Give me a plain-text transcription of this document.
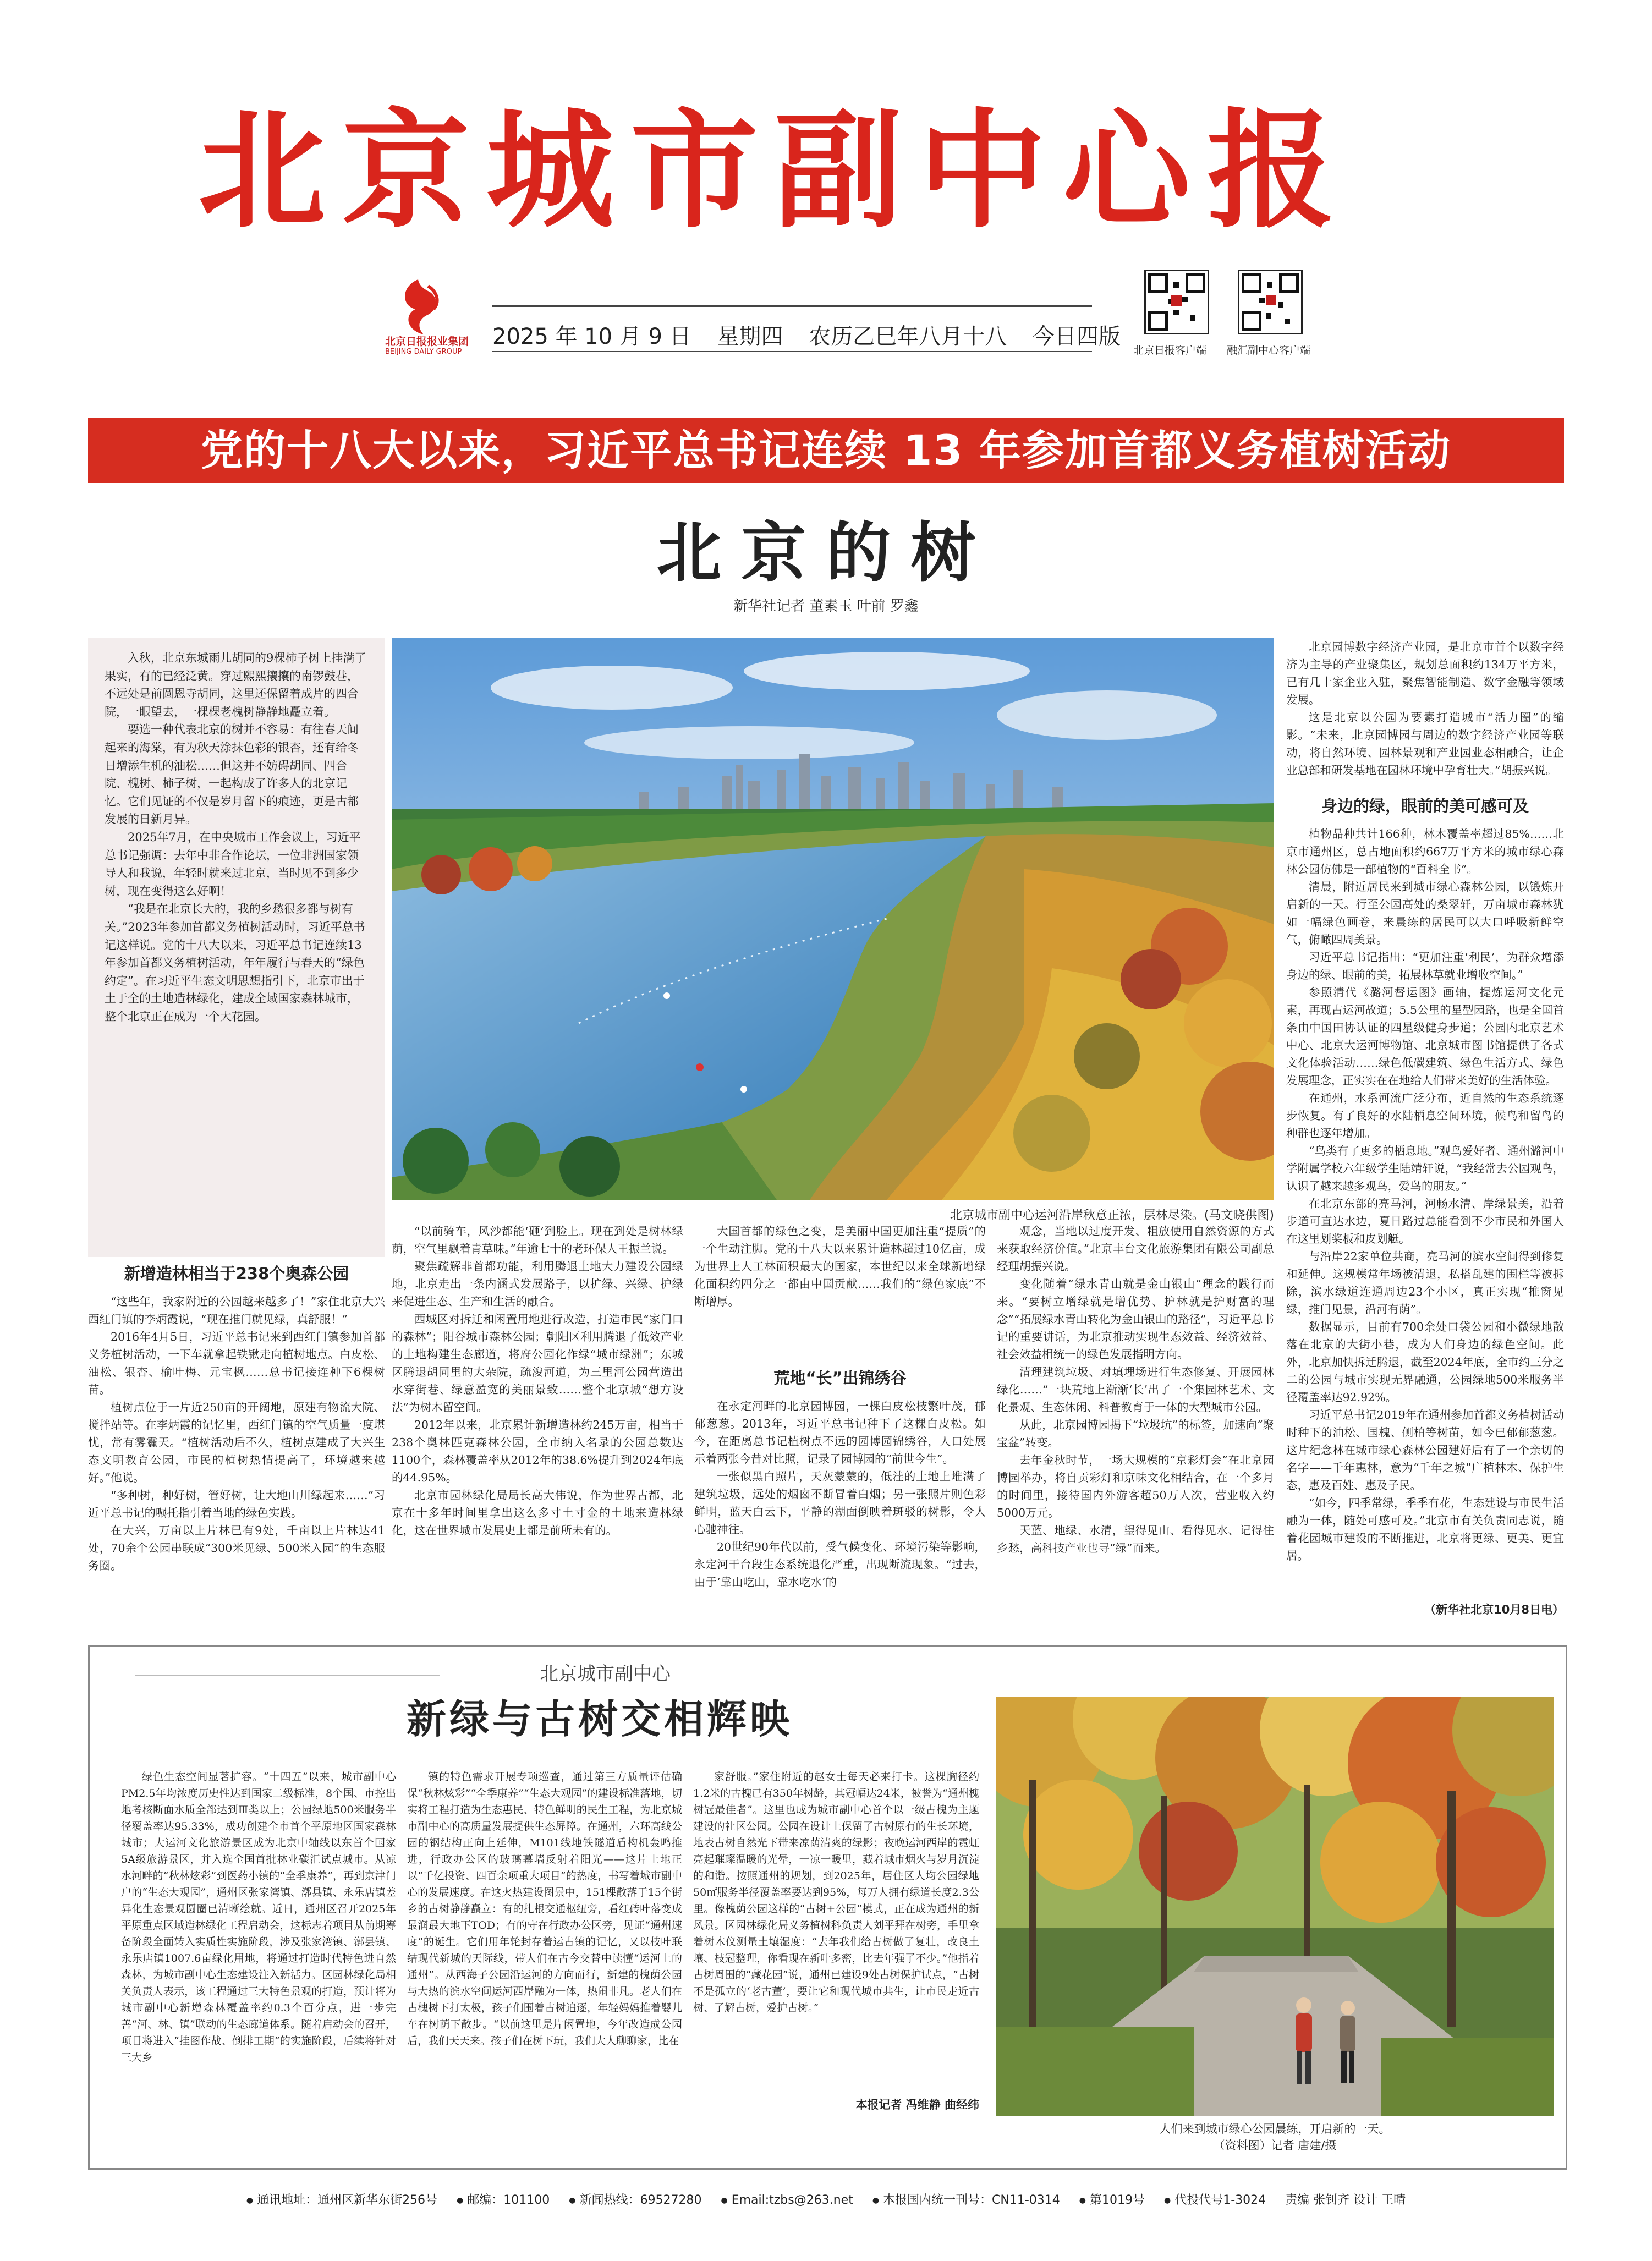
北京城市副中心报
北京日报报业集团
BEIJING DAILY GROUP
2025 年 10 月 9 日 星期四 农历乙巳年八月十八 今日四版
北京日报客户端 融汇副中心客户端
党的十八大以来，习近平总书记连续 13 年参加首都义务植树活动
北京的树
新华社记者 董素玉 叶前 罗鑫

入秋，北京东城雨儿胡同的9棵柿子树上挂满了果实，有的已经泛黄。穿过熙熙攘攘的南锣鼓巷，不远处是前圆恩寺胡同，这里还保留着成片的四合院，一眼望去，一棵棵老槐树静静地矗立着。

要选一种代表北京的树并不容易：有往春天间起来的海棠，有为秋天涂抹色彩的银杏，还有给冬日增添生机的油松……但这并不妨碍胡同、四合院、槐树、柿子树，一起构成了许多人的北京记忆。它们见证的不仅是岁月留下的痕迹，更是古都发展的日新月异。

2025年7月，在中央城市工作会议上，习近平总书记强调：去年中非合作论坛，一位非洲国家领导人和我说，年轻时就来过北京，当时见不到多少树，现在变得这么好啊！

“我是在北京长大的，我的乡愁很多都与树有关。”2023年参加首都义务植树活动时，习近平总书记这样说。党的十八大以来，习近平总书记连续13年参加首都义务植树活动，年年履行与春天的“绿色约定”。在习近平生态文明思想指引下，北京市出于土于全的土地造林绿化，建成全域国家森林城市，整个北京正在成为一个大花园。

北京城市副中心运河沿岸秋意正浓，层林尽染。(马文晓供图)
新增造林相当于238个奥森公园

“这些年，我家附近的公园越来越多了！”家住北京大兴西红门镇的李炳霞说，“现在推门就见绿，真舒服！”

2016年4月5日，习近平总书记来到西红门镇参加首都义务植树活动，一下车就拿起铁锹走向植树地点。白皮松、油松、银杏、榆叶梅、元宝枫……总书记接连种下6棵树苗。

植树点位于一片近250亩的开阔地，原建有物流大院、搅拌站等。在李炳霞的记忆里，西红门镇的空气质量一度堪忧，常有雾霾天。“植树活动后不久，植树点建成了大兴生态文明教育公园，市民的植树热情提高了，环境越来越好。”他说。

“多种树，种好树，管好树，让大地山川绿起来……”习近平总书记的嘱托指引着当地的绿色实践。

在大兴，万亩以上片林已有9处，千亩以上片林达41处，70余个公园串联成“300米见绿、500米入园”的生态服务圈。

“以前骑车，风沙都能‘砸’到脸上。现在到处是树林绿荫，空气里飘着青草味。”年逾七十的老环保人王振兰说。

聚焦疏解非首都功能，利用腾退土地大力建设公园绿地，北京走出一条内涵式发展路子，以扩绿、兴绿、护绿来促进生态、生产和生活的融合。

西城区对拆迁和闲置用地进行改造，打造市民“家门口的森林”；阳谷城市森林公园；朝阳区利用腾退了低效产业的土地构建生态廊道，将府公园化作绿“城市绿洲”；东城区腾退胡同里的大杂院，疏浚河道，为三里河公园营造出水穿街巷、绿意盈宽的美丽景致……整个北京城“想方设法”为树木留空间。

2012年以来，北京累计新增造林约245万亩，相当于238个奥林匹克森林公园，全市纳入名录的公园总数达1100个，森林覆盖率从2012年的38.6%提升到2024年底的44.95%。

北京市园林绿化局局长高大伟说，作为世界古都，北京在十多年时间里拿出这么多寸土寸金的土地来造林绿化，这在世界城市发展史上都是前所未有的。

大国首都的绿色之变，是美丽中国更加注重“提质”的一个生动注脚。党的十八大以来累计造林超过10亿亩，成为世界上人工林面积最大的国家，本世纪以来全球新增绿化面积约四分之一都由中国贡献……我们的“绿色家底”不断增厚。

荒地“长”出锦绣谷

在永定河畔的北京园博园，一棵白皮松枝繁叶茂，郁郁葱葱。2013年，习近平总书记种下了这棵白皮松。如今，在距离总书记植树点不远的园博园锦绣谷，人口处展示着两张今昔对比照，记录了园博园的“前世今生”。

一张似黑白照片，天灰蒙蒙的，低洼的土地上堆满了建筑垃圾，远处的烟囱不断冒着白烟；另一张照片则色彩鲜明，蓝天白云下，平静的湖面倒映着斑驳的树影，令人心驰神往。

20世纪90年代以前，受气候变化、环境污染等影响，永定河干台段生态系统退化严重，出现断流现象。“过去，由于‘靠山吃山，靠水吃水’的

观念，当地以过度开发、粗放使用自然资源的方式来获取经济价值。”北京丰台文化旅游集团有限公司副总经理胡振兴说。

变化随着“绿水青山就是金山银山”理念的践行而来。“要树立增绿就是增优势、护林就是护财富的理念”“拓展绿水青山转化为金山银山的路径”，习近平总书记的重要讲话，为北京推动实现生态效益、经济效益、社会效益相统一的绿色发展指明方向。

清理建筑垃圾、对填埋场进行生态修复、开展园林绿化……“一块荒地上渐渐‘长’出了一个集园林艺术、文化景观、生态休闲、科普教育于一体的大型城市公园。

从此，北京园博园揭下“垃圾坑”的标签，加速向“聚宝盆”转变。

去年金秋时节，一场大规模的“京彩灯会”在北京园博园举办，将自贡彩灯和京味文化相结合，在一个多月的时间里，接待国内外游客超50万人次，营业收入约5000万元。

天蓝、地绿、水清，望得见山、看得见水、记得住乡愁，高科技产业也寻“绿”而来。

北京园博数字经济产业园，是北京市首个以数字经济为主导的产业聚集区，规划总面积约134万平方米，已有几十家企业入驻，聚焦智能制造、数字金融等领域发展。

这是北京以公园为要素打造城市“活力圈”的缩影。“未来，北京园博园与周边的数字经济产业园等联动，将自然环境、园林景观和产业园业态相融合，让企业总部和研发基地在园林环境中孕育壮大。”胡振兴说。

身边的绿，眼前的美可感可及

植物品种共计166种，林木覆盖率超过85%……北京市通州区，总占地面积约667万平方米的城市绿心森林公园仿佛是一部植物的“百科全书”。

清晨，附近居民来到城市绿心森林公园，以锻炼开启新的一天。行至公园高处的桑翠轩，万亩城市森林犹如一幅绿色画卷，来晨练的居民可以大口呼吸新鲜空气，俯瞰四周美景。

习近平总书记指出：“更加注重‘利民’，为群众增添身边的绿、眼前的美，拓展林草就业增收空间。”

参照清代《潞河督运图》画轴，提炼运河文化元素，再现古运河故道；5.5公里的星型园路，也是全国首条由中国田协认证的四星级健身步道；公园内北京艺术中心、北京大运河博物馆、北京城市图书馆提供了各式文化体验活动……绿色低碳建筑、绿色生活方式、绿色发展理念，正实实在在地给人们带来美好的生活体验。

在通州，水系河流广泛分布，近自然的生态系统逐步恢复。有了良好的水陆栖息空间环境，候鸟和留鸟的种群也逐年增加。

“鸟类有了更多的栖息地。”观鸟爱好者、通州潞河中学附属学校六年级学生陆靖轩说，“我经常去公园观鸟，认识了越来越多观鸟，爱鸟的朋友。”

在北京东部的亮马河，河畅水清、岸绿景美，沿着步道可直达水边，夏日路过总能看到不少市民和外国人在这里划桨板和皮划艇。

与沿岸22家单位共商，亮马河的滨水空间得到修复和延伸。这规模常年场被清退，私搭乱建的围栏等被拆除，滨水绿道连通周边23个小区，真正实现“推窗见绿，推门见景，沿河有荫”。

数据显示，目前有700余处口袋公园和小微绿地散落在北京的大街小巷，成为人们身边的绿色空间。此外，北京加快拆迁腾退，截至2024年底，全市约三分之二的公园与城市实现无界融通，公园绿地500米服务半径覆盖率达92.92%。

习近平总书记2019年在通州参加首都义务植树活动时种下的油松、国槐、侧柏等树苗，如今已郁郁葱葱。这片纪念林在城市绿心森林公园建好后有了一个亲切的名字——千年惠林，意为“千年之城”广植林木、保护生态，惠及百姓、惠及子民。

“如今，四季常绿，季季有花，生态建设与市民生活融为一体，随处可感可及。”北京市有关负责同志说，随着花园城市建设的不断推进，北京将更绿、更美、更宜居。

（新华社北京10月8日电）
北京城市副中心
新绿与古树交相辉映

绿色生态空间显著扩容。“十四五”以来，城市副中心PM2.5年均浓度历史性达到国家二级标准，8个国、市控出地考核断面水质全部达到Ⅲ类以上；公园绿地500米服务半径覆盖率达95.33%，成功创建全市首个平原地区国家森林城市；大运河文化旅游景区成为北京中轴线以东首个国家5A级旅游景区，并入选全国首批林业碳汇试点城市。从凉水河畔的“秋林炫彩”到医药小镇的“全季康养”，再到京津门户的“生态大观园”，通州区张家湾镇、漷县镇、永乐店镇差异化生态景观圆圈已清晰绘就。近日，通州区召开2025年平原重点区域造林绿化工程启动会，这标志着项目从前期筹备阶段全面转入实质性实施阶段，涉及张家湾镇、漷县镇、永乐店镇1007.6亩绿化用地，将通过打造时代特色进自然森林，为城市副中心生态建设注入新活力。区园林绿化局相关负责人表示，该工程通过三大特色景观的打造，预计将为城市副中心新增森林覆盖率约0.3个百分点，进一步完善“河、林、镇”联动的生态廊道体系。随着启动会的召开，项目将进入“挂图作战、倒排工期”的实施阶段，后续将针对三大乡

镇的特色需求开展专项巡查，通过第三方质量评估确保“秋林炫彩”“全季康养”“生态大观园”的建设标准落地，切实将工程打造为生态惠民、特色鲜明的民生工程，为北京城市副中心的高质量发展提供生态屏障。在通州，六环高线公园的钢结构正向上延伸，M101线地铁隧道盾构机轰鸣推进，行政办公区的玻璃幕墙反射着阳光——这片土地正以“千亿投资、四百余项重大项目”的热度，书写着城市副中心的发展速度。在这火热建设图景中，151棵散落于15个街乡的古树静静矗立：有的扎根交通枢纽旁，看红砖叶落变成最润最大地下TOD；有的守在行政办公区旁，见证“通州速度”的诞生。它们用年轮封存着运古镇的记忆，又以枝叶联结现代新城的天际线，带人们在古今交替中读懂“运河上的通州”。从西海子公园沿运河的方向而行，新建的槐荫公园与大热的滨水空间运河西岸融为一体，热闹非凡。老人们在古槐树下打太极，孩子们围着古树追逐，年轻妈妈推着婴儿车在树荫下散步。“以前这里是片闲置地，今年改造成公园后，我们天天来。孩子们在树下玩，我们大人聊聊家，比在

家舒服。”家住附近的赵女士每天必来打卡。这棵胸径约1.2米的古槐已有350年树龄，其冠幅达24米，被誉为“通州槐树冠最佳者”。这里也成为城市副中心首个以一级古槐为主题建设的社区公园。公园在设计上保留了古树原有的生长环境，地表古树自然光下带来凉荫清爽的绿影；夜晚运河西岸的霓虹亮起璀璨温暖的光晕，一凉一暖里，藏着城市烟火与岁月沉淀的和谐。按照通州的规划，到2025年，居住区人均公园绿地50㎡服务半径覆盖率要达到95%，每万人拥有绿道长度2.3公里。像槐荫公园这样的“古树+公园”模式，正在成为通州的新风景。区园林绿化局义务植树科负责人刘平拜在树旁，手里拿着树木仪测量土壤湿度：“去年我们给古树做了复壮，改良土壤、枝冠整理，你看现在新叶多密，比去年强了不少。”他指着古树周围的“藏花园”说，通州已建设9处古树保护试点，“古树不是孤立的‘老古董’，要让它和现代城市共生，让市民走近古树、了解古树，爱护古树。”

本报记者 冯维静 曲经纬
人们来到城市绿心公园晨练，开启新的一天。
（资料图）记者 唐建/摄
● 通讯地址：通州区新华东街256号	● 邮编：101100	● 新闻热线：69527280	● Email:tzbs@263.net	● 本报国内统一刊号：CN11-0314	● 第1019号	● 代投代号1-3024 责编 张钊齐 设计 王晴
